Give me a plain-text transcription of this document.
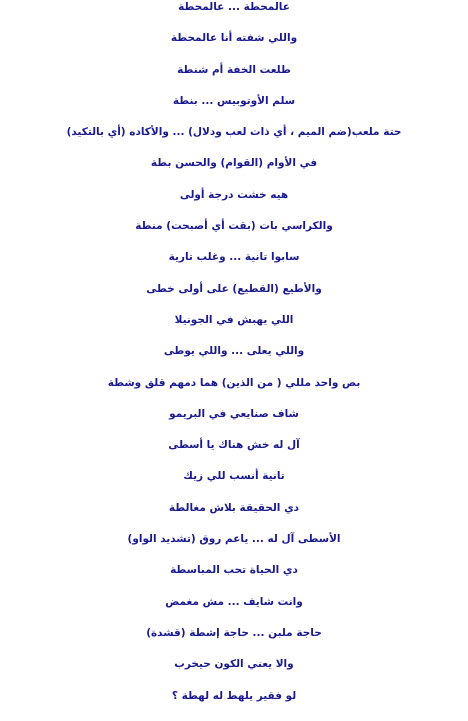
عالمحطة ... عالمحطة
واللي شفته أنا عالمحطة
طلعت الخفة أم شنطة
سلم الأوتوبيس ... بنطة
حتة ملعب(ضم الميم ، أي ذات لعب ودلال) ... والأكاده (أي بالتكيد)
في الأوام (القوام) والحسن بطة
هيه خشت درجة أولى
والكراسي بات (بقت أي أصبحت) منطة
سابوا تانية ... وغلب تارية
والأطيع (القطيع) على أولى خطى
اللي يهبش في الجونيلا
واللي يعلى ... واللي يوطى
بص واحد مللي ( من الذين) هما دمهم قلق وشطة
شاف صنايعي في البريمو
آل له خش هناك يا أسطى
تانية أنسب للي زيك
دي الحقيقة بلاش مغالطة
الأسطى آل له ... ياعم روق (تشديد الواو)
دي الحياة تحب المباسطة
وانت شايف ... مش مغمض
حاجة ملبن ... حاجة إشطة (قشدة)
والا يعني الكون حيخرب
لو فقير يلهط له لهطة ؟
